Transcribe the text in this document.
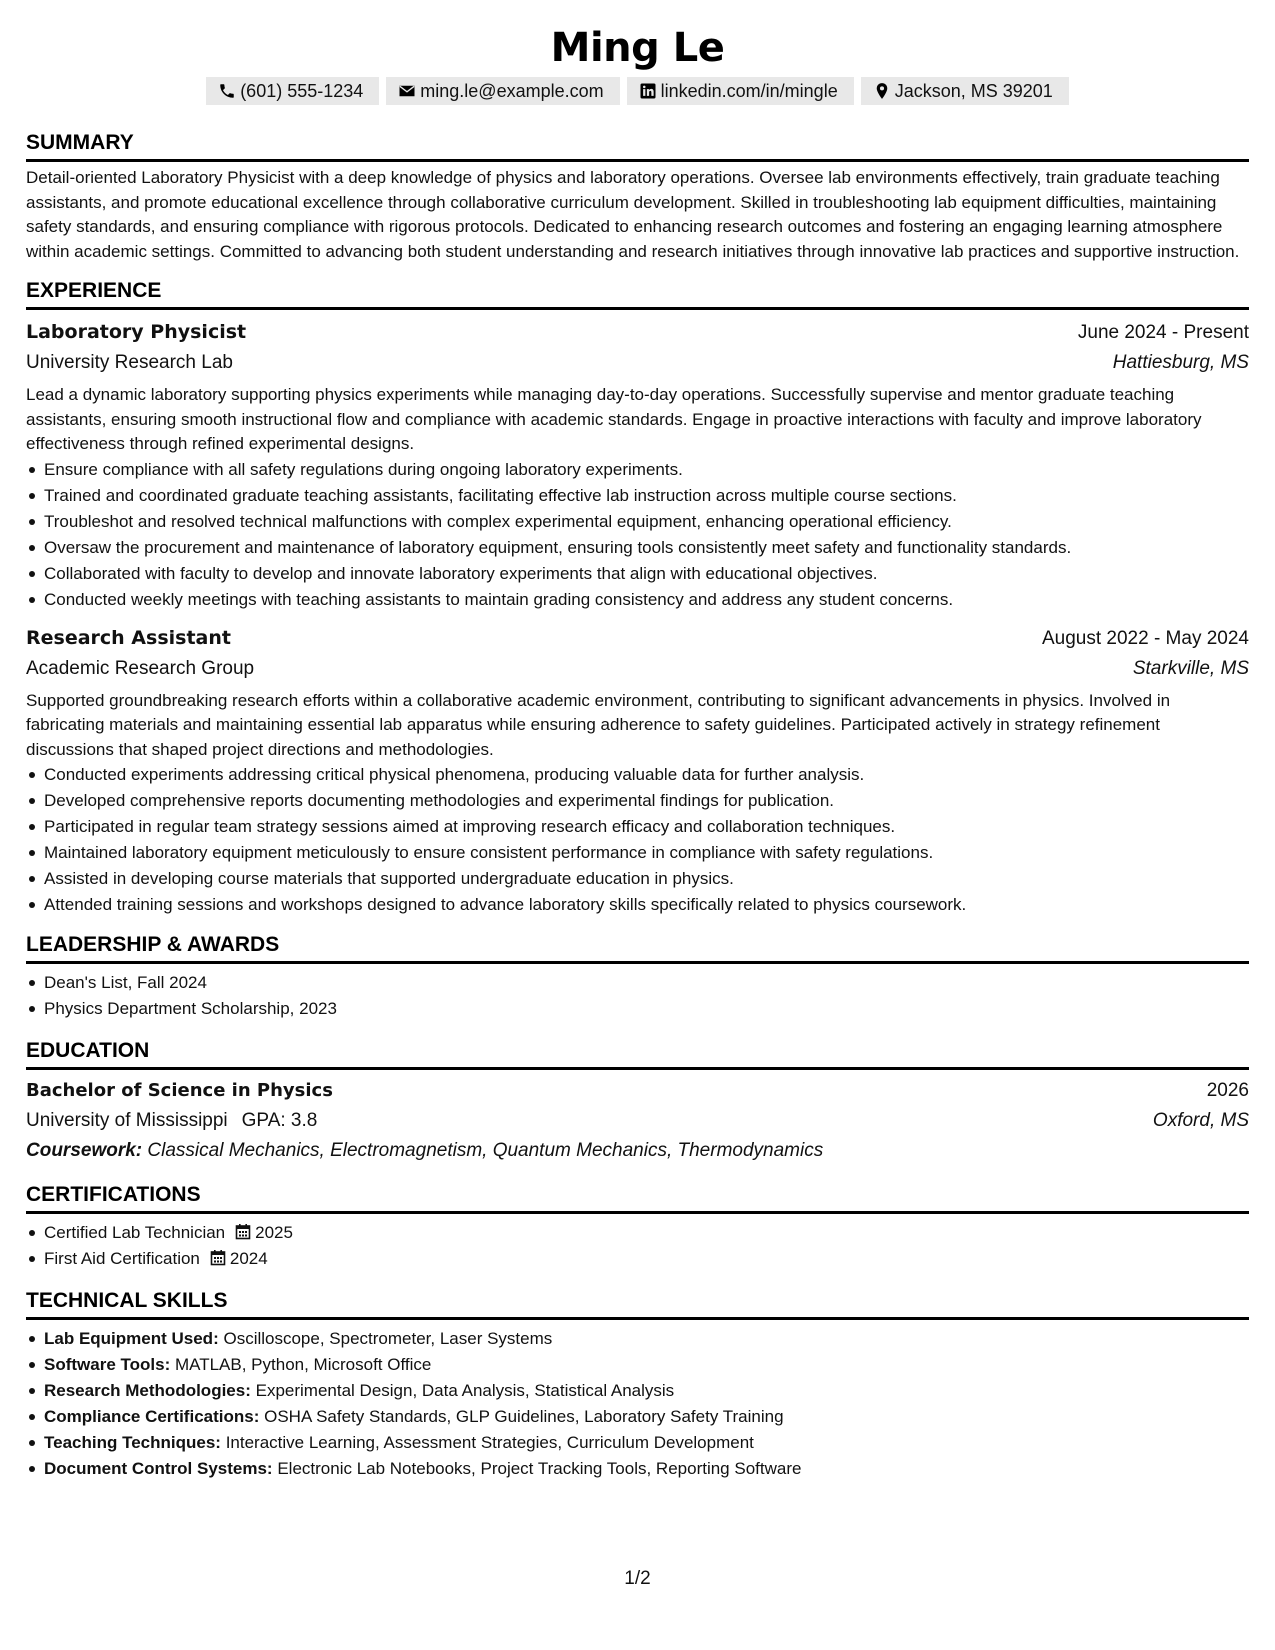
Ming Le
(601) 555-1234	ming.le@example.com	linkedin.com/in/mingle	Jackson, MS 39201
SUMMARY
Detail-oriented Laboratory Physicist with a deep knowledge of physics and laboratory operations. Oversee lab environments effectively, train graduate teaching assistants, and promote educational excellence through collaborative curriculum development. Skilled in troubleshooting lab equipment difficulties, maintaining safety standards, and ensuring compliance with rigorous protocols. Dedicated to enhancing research outcomes and fostering an engaging learning atmosphere within academic settings. Committed to advancing both student understanding and research initiatives through innovative lab practices and supportive instruction.
EXPERIENCE
Laboratory Physicist	June 2024 - Present
University Research Lab	Hattiesburg, MS
Lead a dynamic laboratory supporting physics experiments while managing day-to-day operations. Successfully supervise and mentor graduate teaching assistants, ensuring smooth instructional flow and compliance with academic standards. Engage in proactive interactions with faculty and improve laboratory effectiveness through refined experimental designs.
Ensure compliance with all safety regulations during ongoing laboratory experiments.
Trained and coordinated graduate teaching assistants, facilitating effective lab instruction across multiple course sections.
Troubleshot and resolved technical malfunctions with complex experimental equipment, enhancing operational efficiency.
Oversaw the procurement and maintenance of laboratory equipment, ensuring tools consistently meet safety and functionality standards.
Collaborated with faculty to develop and innovate laboratory experiments that align with educational objectives.
Conducted weekly meetings with teaching assistants to maintain grading consistency and address any student concerns.
Research Assistant	August 2022 - May 2024
Academic Research Group	Starkville, MS
Supported groundbreaking research efforts within a collaborative academic environment, contributing to significant advancements in physics. Involved in fabricating materials and maintaining essential lab apparatus while ensuring adherence to safety guidelines. Participated actively in strategy refinement discussions that shaped project directions and methodologies.
Conducted experiments addressing critical physical phenomena, producing valuable data for further analysis.
Developed comprehensive reports documenting methodologies and experimental findings for publication.
Participated in regular team strategy sessions aimed at improving research efficacy and collaboration techniques.
Maintained laboratory equipment meticulously to ensure consistent performance in compliance with safety regulations.
Assisted in developing course materials that supported undergraduate education in physics.
Attended training sessions and workshops designed to advance laboratory skills specifically related to physics coursework.
LEADERSHIP & AWARDS
Dean's List, Fall 2024
Physics Department Scholarship, 2023
EDUCATION
Bachelor of Science in Physics	2026
University of Mississippi GPA: 3.8	Oxford, MS
Coursework: Classical Mechanics, Electromagnetism, Quantum Mechanics, Thermodynamics
CERTIFICATIONS
Certified Lab Technician 2025
First Aid Certification 2024
TECHNICAL SKILLS
Lab Equipment Used: Oscilloscope, Spectrometer, Laser Systems
Software Tools: MATLAB, Python, Microsoft Office
Research Methodologies: Experimental Design, Data Analysis, Statistical Analysis
Compliance Certifications: OSHA Safety Standards, GLP Guidelines, Laboratory Safety Training
Teaching Techniques: Interactive Learning, Assessment Strategies, Curriculum Development
Document Control Systems: Electronic Lab Notebooks, Project Tracking Tools, Reporting Software
1/2
